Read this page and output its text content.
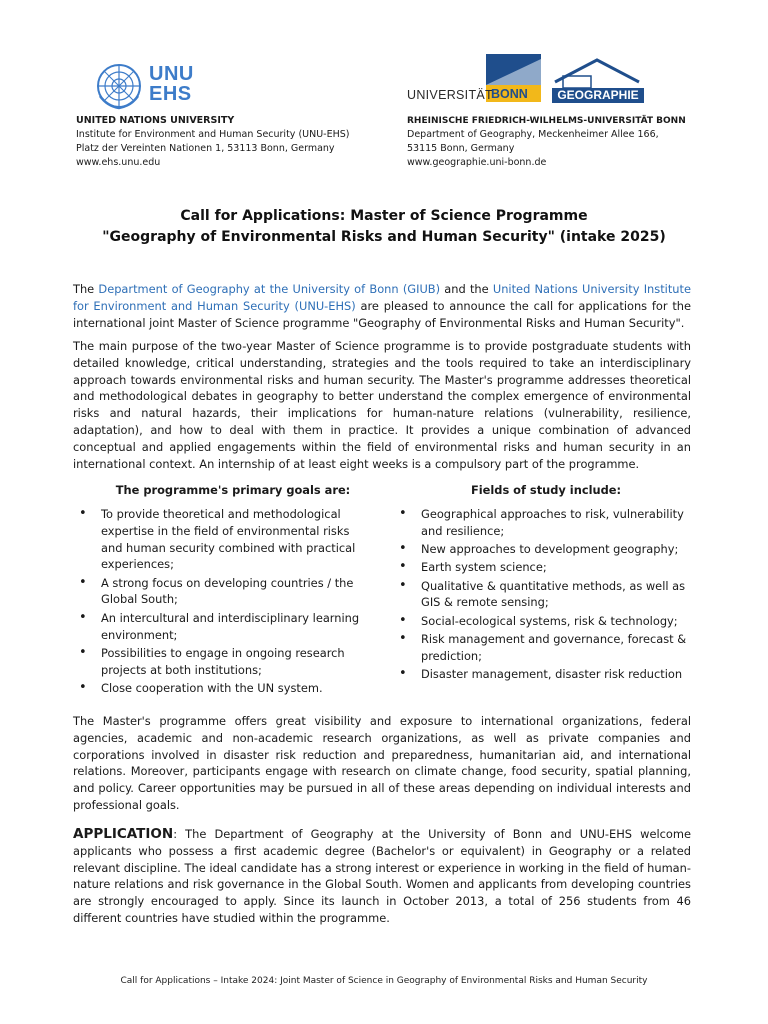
UNU
EHS
UNITED NATIONS UNIVERSITY
Institute for Environment and Human Security (UNU-EHS)
Platz der Vereinten Nationen 1, 53113 Bonn, Germany
www.ehs.unu.edu
UNIVERSITÄT
BONN	GEOGRAPHIE
RHEINISCHE FRIEDRICH-WILHELMS-UNIVERSITÄT BONN
Department of Geography, Meckenheimer Allee 166,
53115 Bonn, Germany
www.geographie.uni-bonn.de
Call for Applications: Master of Science Programme
"Geography of Environmental Risks and Human Security" (intake 2025)
The Department of Geography at the University of Bonn (GIUB) and the United Nations University Institute for Environment and Human Security (UNU-EHS) are pleased to announce the call for applications for the international joint Master of Science programme "Geography of Environmental Risks and Human Security".
The main purpose of the two-year Master of Science programme is to provide postgraduate students with detailed knowledge, critical understanding, strategies and the tools required to take an interdisciplinary approach towards environmental risks and human security. The Master's programme addresses theoretical and methodological debates in geography to better understand the complex emergence of environmental risks and natural hazards, their implications for human-nature relations (vulnerability, resilience, adaptation), and how to deal with them in practice. It provides a unique combination of advanced conceptual and applied engagements within the field of environmental risks and human security in an international context. An internship of at least eight weeks is a compulsory part of the programme.
The programme's primary goals are:
• To provide theoretical and methodological expertise in the field of environmental risks and human security combined with practical experiences;
• A strong focus on developing countries / the Global South;
• An intercultural and interdisciplinary learning environment;
• Possibilities to engage in ongoing research projects at both institutions;
• Close cooperation with the UN system.
Fields of study include:
• Geographical approaches to risk, vulnerability and resilience;
• New approaches to development geography;
• Earth system science;
• Qualitative & quantitative methods, as well as GIS & remote sensing;
• Social-ecological systems, risk & technology;
• Risk management and governance, forecast & prediction;
• Disaster management, disaster risk reduction
The Master's programme offers great visibility and exposure to international organizations, federal agencies, academic and non-academic research organizations, as well as private companies and corporations involved in disaster risk reduction and preparedness, humanitarian aid, and international relations. Moreover, participants engage with research on climate change, food security, spatial planning, and policy. Career opportunities may be pursued in all of these areas depending on individual interests and professional goals.
APPLICATION: The Department of Geography at the University of Bonn and UNU-EHS welcome applicants who possess a first academic degree (Bachelor's or equivalent) in Geography or a related relevant discipline. The ideal candidate has a strong interest or experience in working in the field of human-nature relations and risk governance in the Global South. Women and applicants from developing countries are strongly encouraged to apply. Since its launch in October 2013, a total of 256 students from 46 different countries have studied within the programme.
Call for Applications – Intake 2024: Joint Master of Science in Geography of Environmental Risks and Human Security
